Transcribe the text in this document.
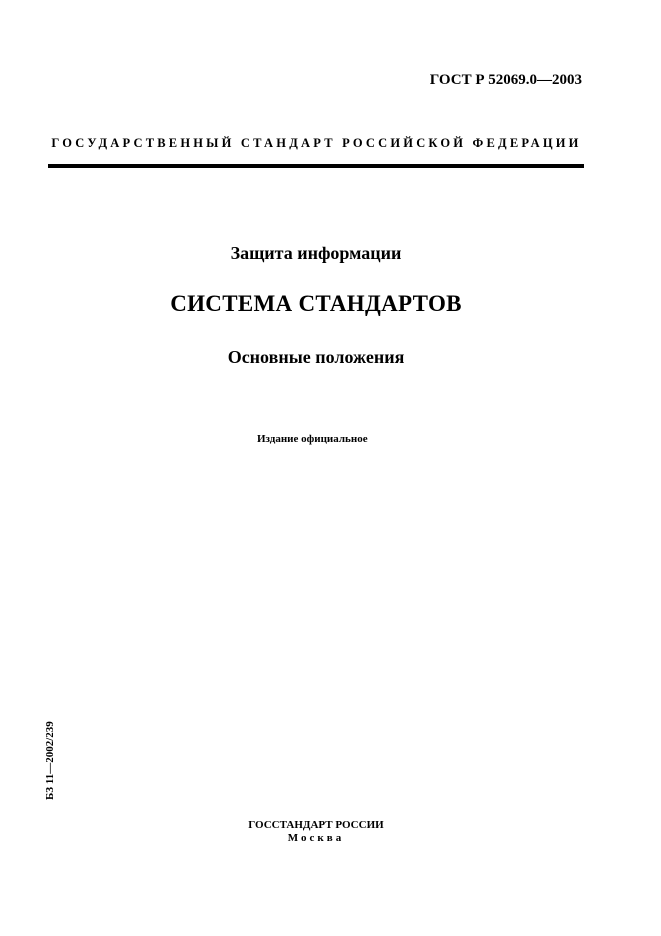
ГОСТ Р 52069.0—2003
ГОСУДАРСТВЕННЫЙ СТАНДАРТ РОССИЙСКОЙ ФЕДЕРАЦИИ
Защита информации
СИСТЕМА СТАНДАРТОВ
Основные положения
Издание официальное
БЗ 11—2002/239
ГОССТАНДАРТ РОССИИ
Москва
